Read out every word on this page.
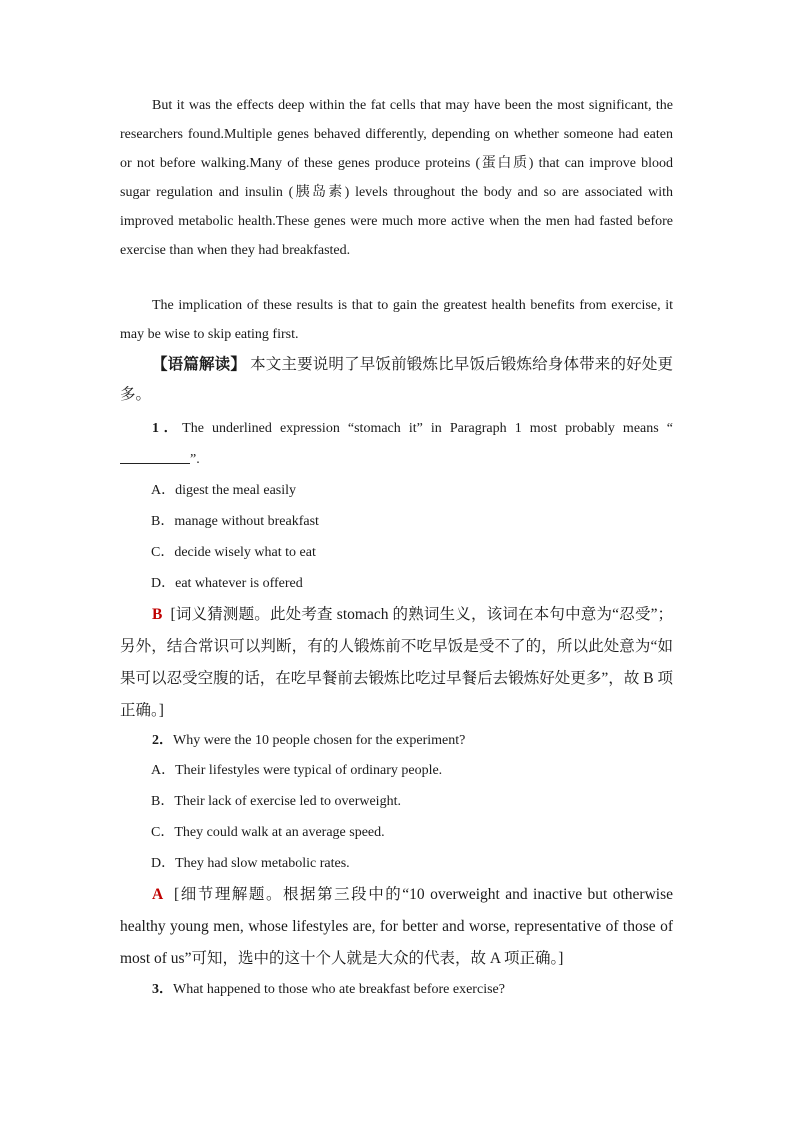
But it was the effects deep within the fat cells that may have been the most significant, the researchers found.Multiple genes behaved differently, depending on whether someone had eaten or not before walking.Many of these genes produce proteins (蛋白质) that can improve blood sugar regulation and insulin (胰岛素) levels throughout the body and so are associated with improved metabolic health.These genes were much more active when the men had fasted before exercise than when they had breakfasted.

The implication of these results is that to gain the greatest health benefits from exercise, it may be wise to skip eating first.

【语篇解读】 本文主要说明了早饭前锻炼比早饭后锻炼给身体带来的好处更多。

1．The underlined expression “stomach it” in Paragraph 1 most probably means “”.

A．digest the meal easily
B．manage without breakfast
C．decide wisely what to eat
D．eat whatever is offered

B [词义猜测题。此处考查 stomach 的熟词生义，该词在本句中意为“忍受”；另外，结合常识可以判断，有的人锻炼前不吃早饭是受不了的，所以此处意为“如果可以忍受空腹的话，在吃早餐前去锻炼比吃过早餐后去锻炼好处更多”，故 B 项正确。]

2．Why were the 10 people chosen for the experiment?

A．Their lifestyles were typical of ordinary people.
B．Their lack of exercise led to overweight.
C．They could walk at an average speed.
D．They had slow metabolic rates.

A [细节理解题。根据第三段中的“10 overweight and inactive but otherwise healthy young men, whose lifestyles are, for better and worse, representative of those of most of us”可知，选中的这十个人就是大众的代表，故 A 项正确。]

3．What happened to those who ate breakfast before exercise?
